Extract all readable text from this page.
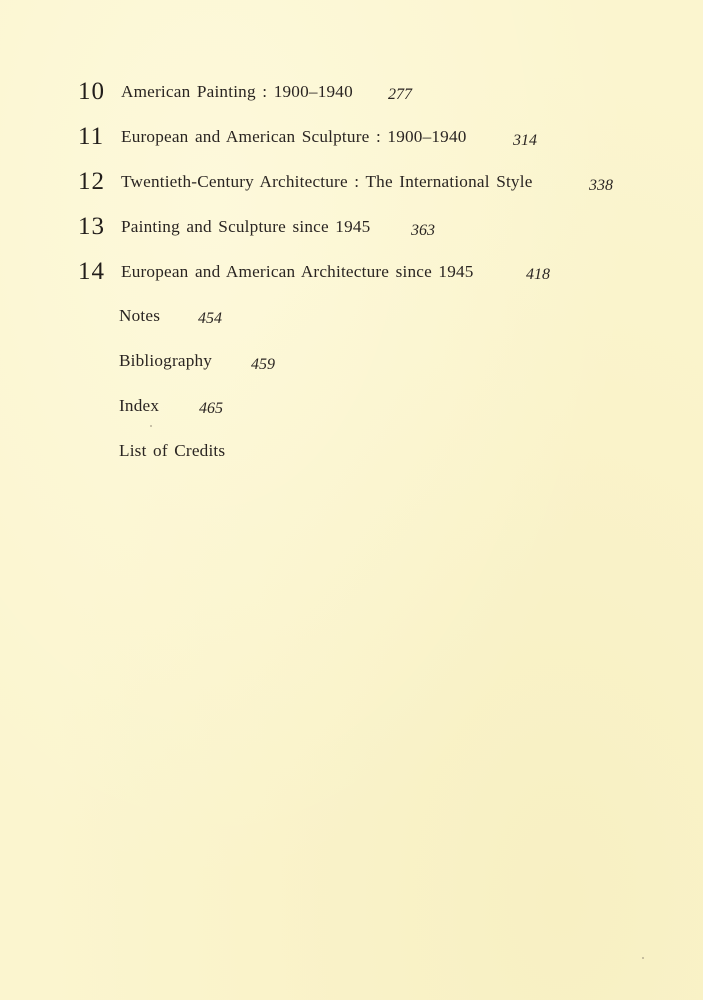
10 American Painting : 1900–1940 277
11 European and American Sculpture : 1900–1940	314
12 Twentieth-Century Architecture : The International Style	338
13 Painting and Sculpture since 1945	363
14 European and American Architecture since 1945	418
Notes 454
Bibliography 459
Index 465
List of Credits
